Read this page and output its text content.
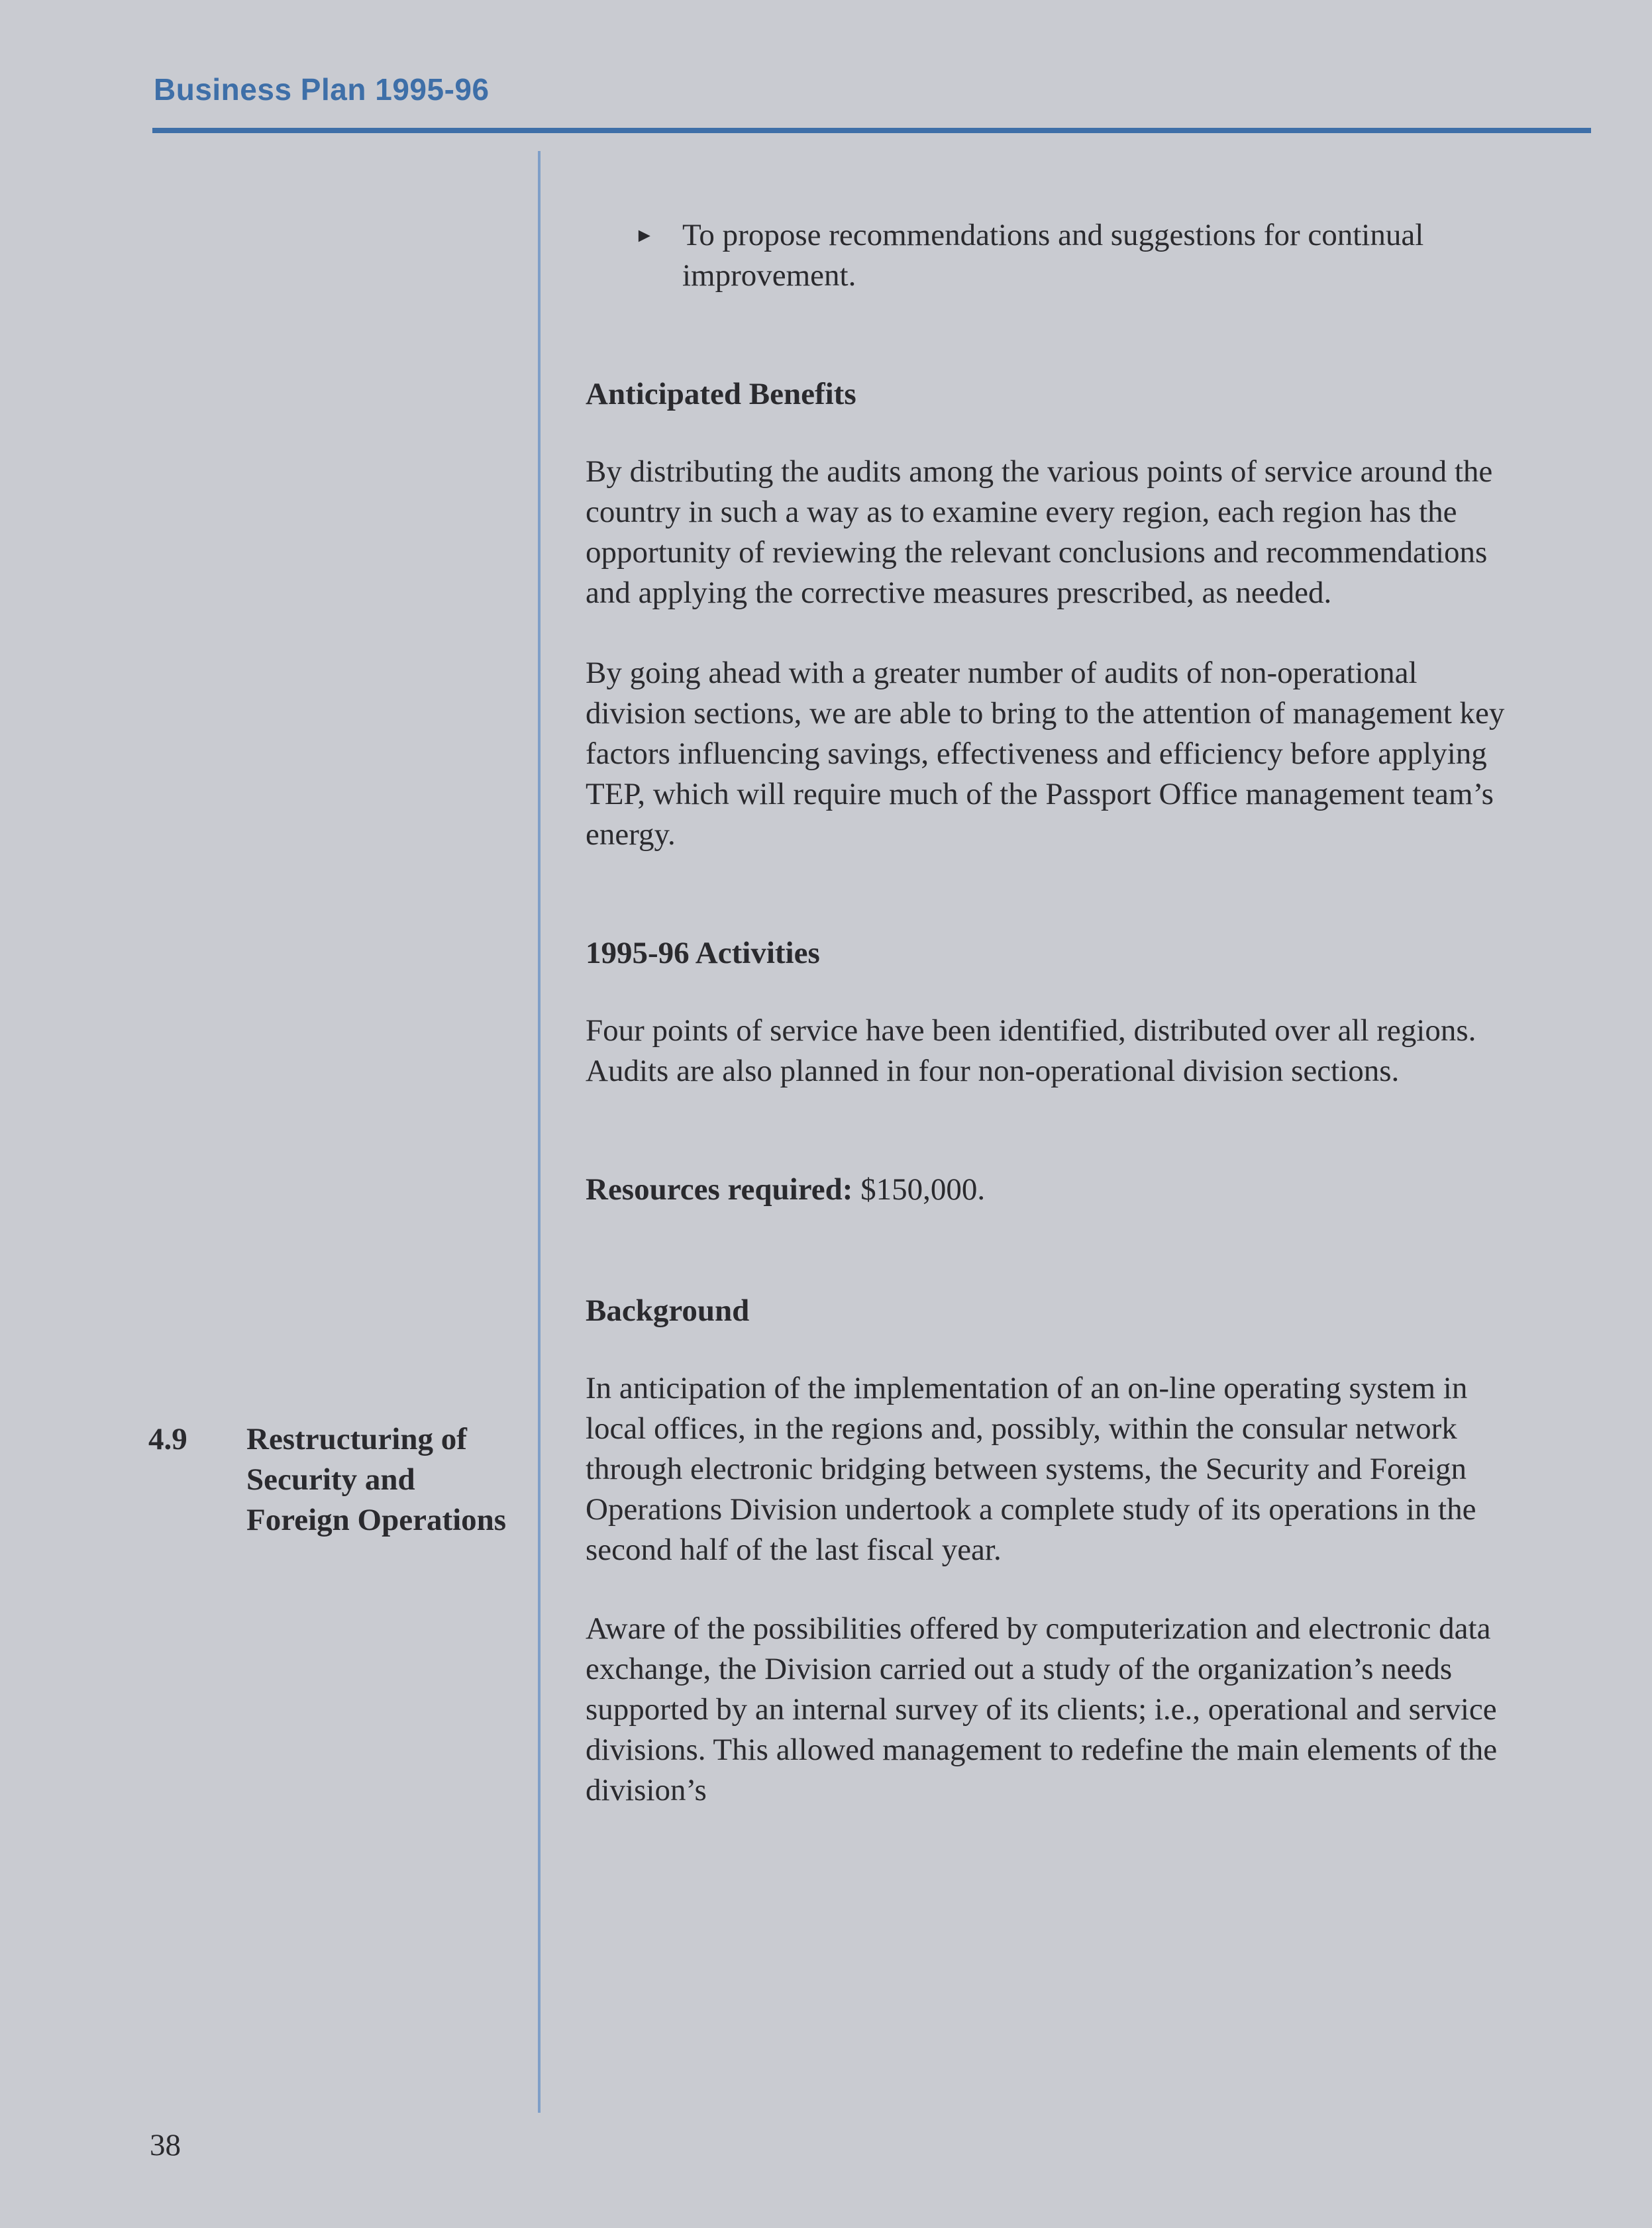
Business Plan 1995-96

► To propose recommendations and suggestions for continual improvement.

Anticipated Benefits

By distributing the audits among the various points of service around the country in such a way as to examine every region, each region has the opportunity of reviewing the relevant conclusions and recommendations and applying the corrective measures prescribed, as needed.

By going ahead with a greater number of audits of non-operational division sections, we are able to bring to the attention of management key factors influencing savings, effectiveness and efficiency before applying TEP, which will require much of the Passport Office management team’s energy.

1995-96 Activities

Four points of service have been identified, distributed over all regions. Audits are also planned in four non-operational division sections.

Resources required: $150,000.

Background

In anticipation of the implementation of an on-line operating system in local offices, in the regions and, possibly, within the consular network through electronic bridging between systems, the Security and Foreign Operations Division undertook a complete study of its operations in the second half of the last fiscal year.

Aware of the possibilities offered by computerization and electronic data exchange, the Division carried out a study of the organization’s needs supported by an internal survey of its clients; i.e., operational and service divisions. This allowed management to redefine the main elements of the division’s

4.9 Restructuring of Security and Foreign Operations
38
